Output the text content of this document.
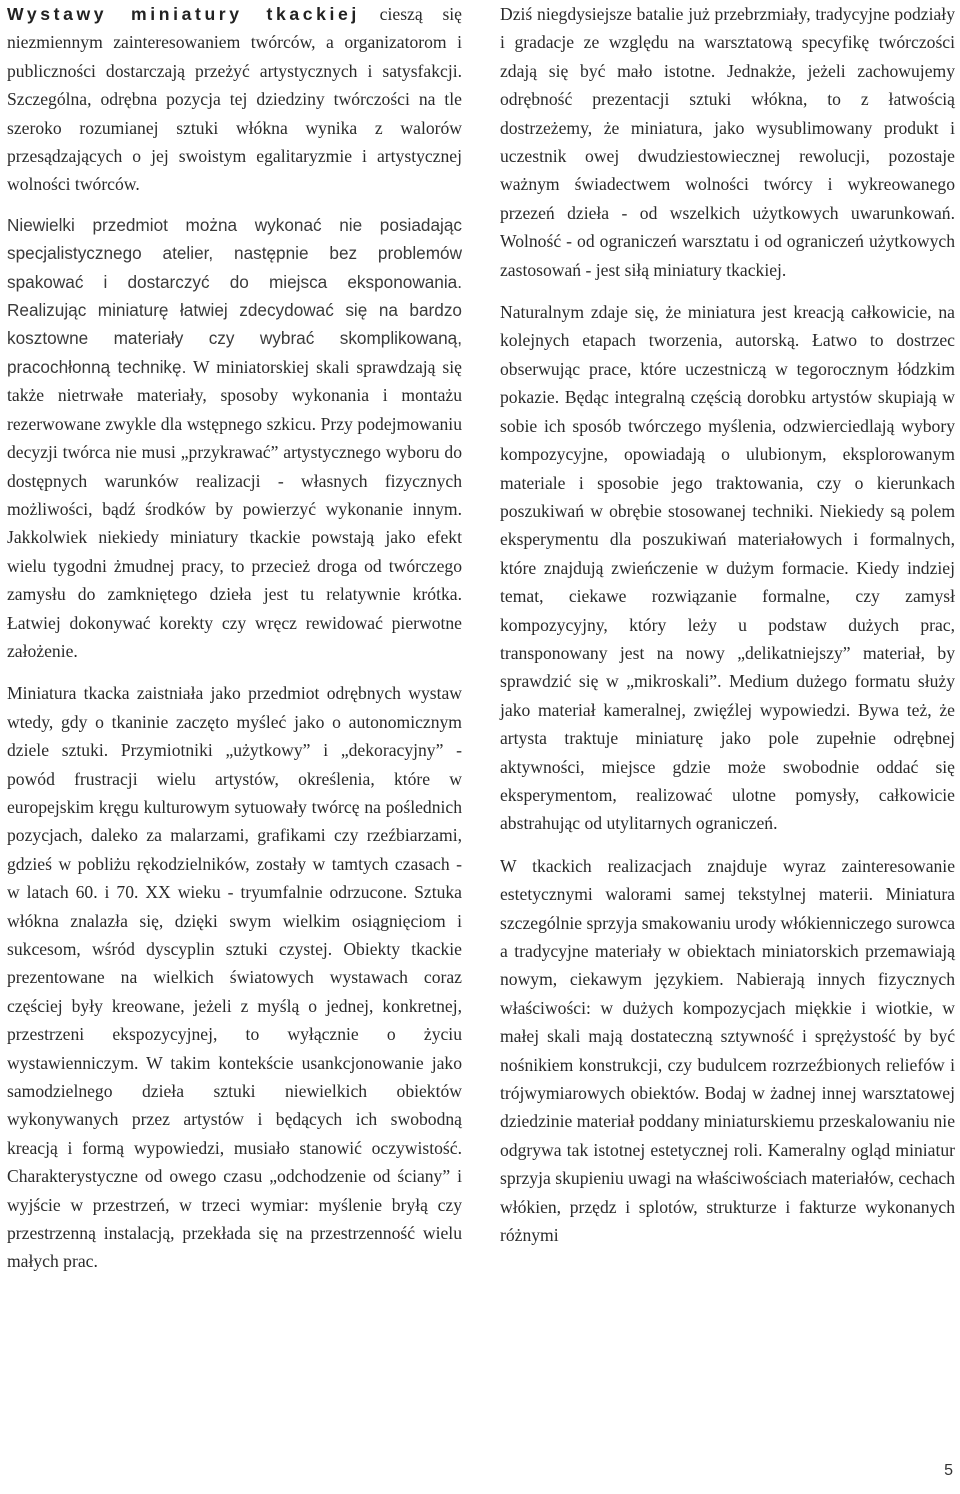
Wystawy miniatury tkackiej cieszą się niezmiennym zainteresowaniem twórców, a organizatorom i publiczności dostarczają przeżyć artystycznych i satysfakcji. Szczególna, odrębna pozycja tej dziedziny twórczości na tle szeroko rozumianej sztuki włókna wynika z walorów przesądzających o jej swoistym egalitaryzmie i artystycznej wolności twórców.

Niewielki przedmiot można wykonać nie posiadając specjalistycznego atelier, następnie bez problemów spakować i dostarczyć do miejsca eksponowania. Realizując miniaturę łatwiej zdecydować się na bardzo kosztowne materiały czy wybrać skomplikowaną, pracochłonną technikę. W miniatorskiej skali sprawdzają się także nietrwałe materiały, sposoby wykonania i montażu rezerwowane zwykle dla wstępnego szkicu. Przy podejmowaniu decyzji twórca nie musi „przykrawać” artystycznego wyboru do dostępnych warunków realizacji - własnych fizycznych możliwości, bądź środków by powierzyć wykonanie innym. Jakkolwiek niekiedy miniatury tkackie powstają jako efekt wielu tygodni żmudnej pracy, to przecież droga od twórczego zamysłu do zamkniętego dzieła jest tu relatywnie krótka. Łatwiej dokonywać korekty czy wręcz rewidować pierwotne założenie.

Miniatura tkacka zaistniała jako przedmiot odrębnych wystaw wtedy, gdy o tkaninie zaczęto myśleć jako o autonomicznym dziele sztuki. Przymiotniki „użytkowy” i „dekoracyjny” - powód frustracji wielu artystów, określenia, które w europejskim kręgu kulturowym sytuowały twórcę na poślednich pozycjach, daleko za malarzami, grafikami czy rzeźbiarzami, gdzieś w pobliżu rękodzielników, zostały w tamtych czasach - w latach 60. i 70. XX wieku - tryumfalnie odrzucone. Sztuka włókna znalazła się, dzięki swym wielkim osiągnięciom i sukcesom, wśród dyscyplin sztuki czystej. Obiekty tkackie prezentowane na wielkich światowych wystawach coraz częściej były kreowane, jeżeli z myślą o jednej, konkretnej, przestrzeni ekspozycyjnej, to wyłącznie o życiu wystawienniczym. W takim kontekście usankcjonowanie jako samodzielnego dzieła sztuki niewielkich obiektów wykonywanych przez artystów i będących ich swobodną kreacją i formą wypowiedzi, musiało stanowić oczywistość. Charakterystyczne od owego czasu „odchodzenie od ściany” i wyjście w przestrzeń, w trzeci wymiar: myślenie bryłą czy przestrzenną instalacją, przekłada się na przestrzenność wielu małych prac.

Dziś niegdysiejsze batalie już przebrzmiały, tradycyjne podziały i gradacje ze względu na warsztatową specyfikę twórczości zdają się być mało istotne. Jednakże, jeżeli zachowujemy odrębność prezentacji sztuki włókna, to z łatwością dostrzeżemy, że miniatura, jako wysublimowany produkt i uczestnik owej dwudziestowiecznej rewolucji, pozostaje ważnym świadectwem wolności twórcy i wykreowanego przezeń dzieła - od wszelkich użytkowych uwarunkowań. Wolność - od ograniczeń warsztatu i od ograniczeń użytkowych zastosowań - jest siłą miniatury tkackiej.

Naturalnym zdaje się, że miniatura jest kreacją całkowicie, na kolejnych etapach tworzenia, autorską. Łatwo to dostrzec obserwując prace, które uczestniczą w tegorocznym łódzkim pokazie. Będąc integralną częścią dorobku artystów skupiają w sobie ich sposób twórczego myślenia, odzwierciedlają wybory kompozycyjne, opowiadają o ulubionym, eksplorowanym materiale i sposobie jego traktowania, czy o kierunkach poszukiwań w obrębie stosowanej techniki. Niekiedy są polem eksperymentu dla poszukiwań materiałowych i formalnych, które znajdują zwieńczenie w dużym formacie. Kiedy indziej temat, ciekawe rozwiązanie formalne, czy zamysł kompozycyjny, który leży u podstaw dużych prac, transponowany jest na nowy „delikatniejszy” materiał, by sprawdzić się w „mikroskali”. Medium dużego formatu służy jako materiał kameralnej, zwięźlej wypowiedzi. Bywa też, że artysta traktuje miniaturę jako pole zupełnie odrębnej aktywności, miejsce gdzie może swobodnie oddać się eksperymentom, realizować ulotne pomysły, całkowicie abstrahując od utylitarnych ograniczeń.

W tkackich realizacjach znajduje wyraz zainteresowanie estetycznymi walorami samej tekstylnej materii. Miniatura szczególnie sprzyja smakowaniu urody włókienniczego surowca a tradycyjne materiały w obiektach miniatorskich przemawiają nowym, ciekawym językiem. Nabierają innych fizycznych właściwości: w dużych kompozycjach miękkie i wiotkie, w małej skali mają dostateczną sztywność i sprężystość by być nośnikiem konstrukcji, czy budulcem rozrzeźbionych reliefów i trójwymiarowych obiektów. Bodaj w żadnej innej warsztatowej dziedzinie materiał poddany miniaturskiemu przeskalowaniu nie odgrywa tak istotnej estetycznej roli. Kameralny ogląd miniatur sprzyja skupieniu uwagi na właściwościach materiałów, cechach włókien, przędz i splotów, strukturze i fakturze wykonanych różnymi

5
